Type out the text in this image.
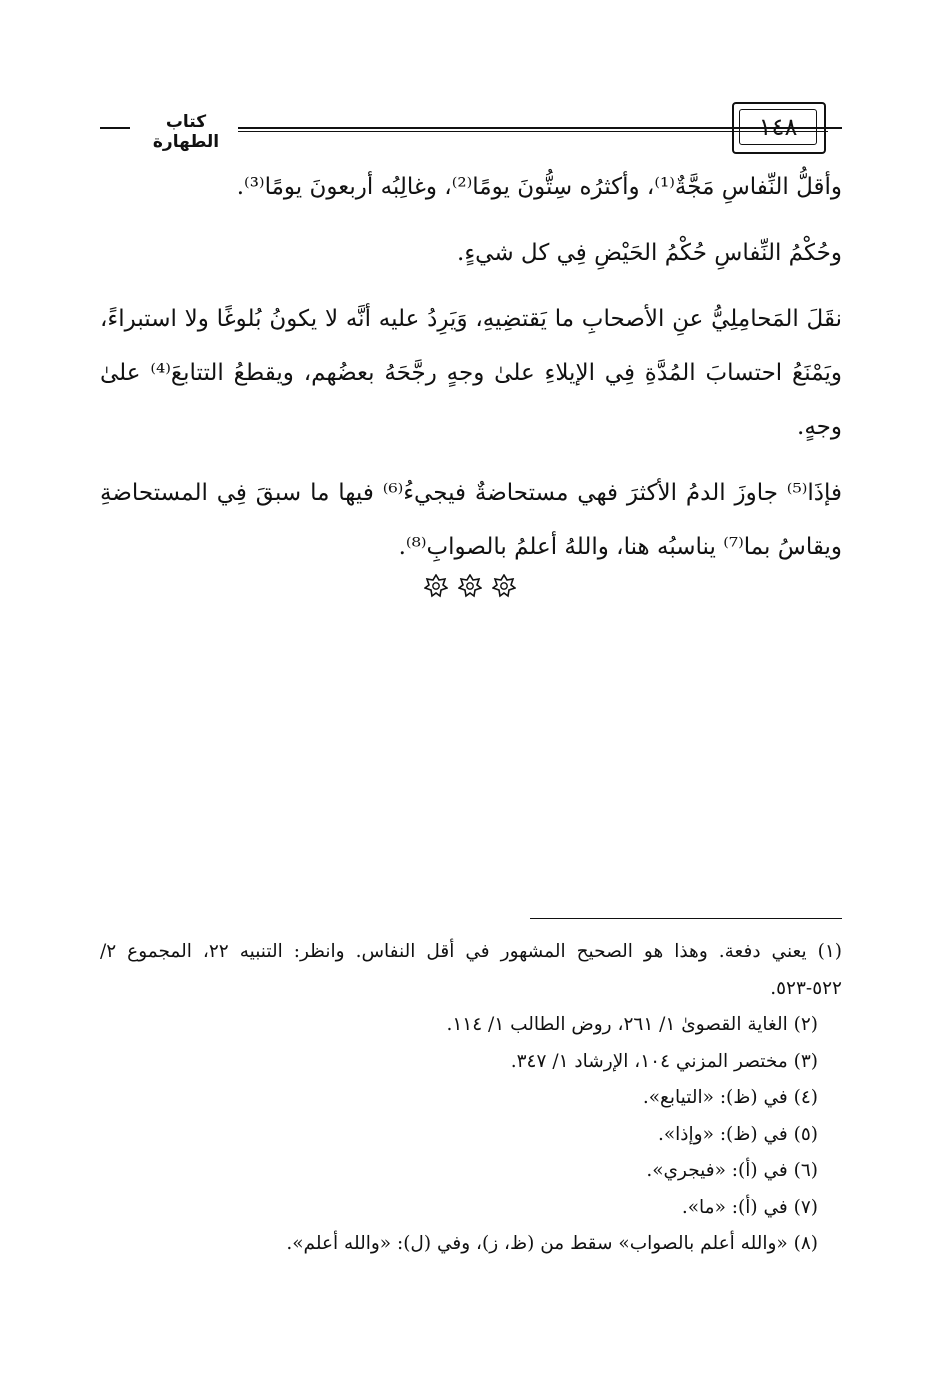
كتاب الطهارة
١٤٨

وأقلُّ النِّفاسِ مَجَّةٌ⁽¹⁾، وأكثرُه سِتُّونَ يومًا⁽²⁾، وغالِبُه أربعونَ يومًا⁽³⁾.

وحُكْمُ النِّفاسِ حُكْمُ الحَيْضِ فِي كل شيءٍ.

نقَلَ المَحامِلِيُّ عنِ الأصحابِ ما يَقتضِيهِ، وَيَرِدُ عليه أنَّه لا يكونُ بُلوغًا ولا استبراءً، ويَمْنَعُ احتسابَ المُدَّةِ فِي الإيلاءِ علىٰ وجهٍ رجَّحَهُ بعضُهم، ويقطعُ التتابعَ⁽⁴⁾ علىٰ وجهٍ.

فإذَا⁽⁵⁾ جاوزَ الدمُ الأكثرَ فهي مستحاضةٌ فيجيءُ⁽⁶⁾ فيها ما سبقَ فِي المستحاضةِ ويقاسُ بما⁽⁷⁾ يناسبُه هنا، واللهُ أعلمُ بالصوابِ⁽⁸⁾.

(١) يعني دفعة. وهذا هو الصحيح المشهور في أقل النفاس. وانظر: التنبيه ٢٢، المجموع ٢/ ٥٢٢-٥٢٣.

(٢) الغاية القصوىٰ ١/ ٢٦١، روض الطالب ١/ ١١٤.

(٣) مختصر المزني ١٠٤، الإرشاد ١/ ٣٤٧.

(٤) في (ظ): «التيابع».

(٥) في (ظ): «وإذا».

(٦) في (أ): «فيجري».

(٧) في (أ): «ما».

(٨) «والله أعلم بالصواب» سقط من (ظ، ز)، وفي (ل): «والله أعلم».
